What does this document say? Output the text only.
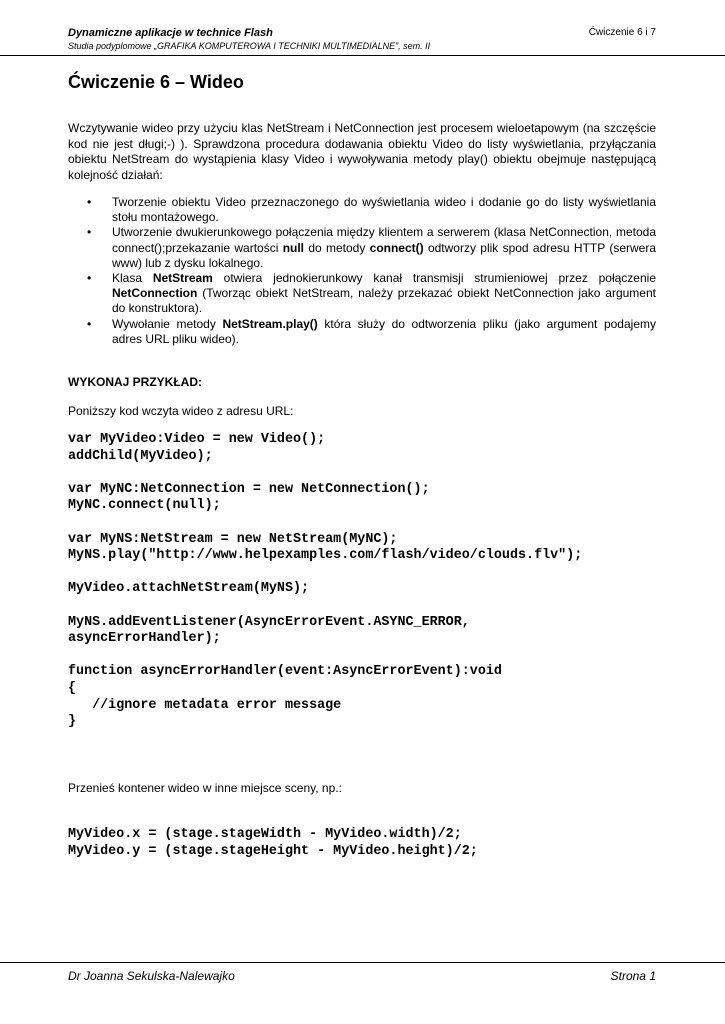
Dynamiczne aplikacje w technice Flash
Studia podyplomowe „GRAFIKA KOMPUTEROWA I TECHNIKI MULTIMEDIALNE”, sem. II
Ćwiczenie 6 i 7
Ćwiczenie 6 – Wideo

Wczytywanie wideo przy użyciu klas NetStream i NetConnection jest procesem wieloetapowym (na szczęście kod nie jest długi;-) ). Sprawdzona procedura dodawania obiektu Video do listy wyświetlania, przyłączania obiektu NetStream do wystąpienia klasy Video i wywoływania metody play() obiektu obejmuje następującą kolejność działań:

• Tworzenie obiektu Video przeznaczonego do wyświetlania wideo i dodanie go do listy wyświetlania stołu montażowego.
• Utworzenie dwukierunkowego połączenia między klientem a serwerem (klasa NetConnection, metoda connect();przekazanie wartości null do metody connect() odtworzy plik spod adresu HTTP (serwera www) lub z dysku lokalnego.
• Klasa NetStream otwiera jednokierunkowy kanał transmisji strumieniowej przez połączenie NetConnection (Tworząc obiekt NetStream, należy przekazać obiekt NetConnection jako argument do konstruktora).
• Wywołanie metody NetStream.play() która służy do odtworzenia pliku (jako argument podajemy adres URL pliku wideo).

WYKONAJ PRZYKŁAD:

Poniższy kod wczyta wideo z adresu URL:

var MyVideo:Video = new Video();
addChild(MyVideo);

var MyNC:NetConnection = new NetConnection();
MyNC.connect(null);

var MyNS:NetStream = new NetStream(MyNC);
MyNS.play("http://www.helpexamples.com/flash/video/clouds.flv");

MyVideo.attachNetStream(MyNS);

MyNS.addEventListener(AsyncErrorEvent.ASYNC_ERROR,
asyncErrorHandler);

function asyncErrorHandler(event:AsyncErrorEvent):void
{
//ignore metadata error message
}

Przenieś kontener wideo w inne miejsce sceny, np.:

MyVideo.x = (stage.stageWidth - MyVideo.width)/2;
MyVideo.y = (stage.stageHeight - MyVideo.height)/2;
Dr Joanna Sekulska-Nalewajko	Strona 1
